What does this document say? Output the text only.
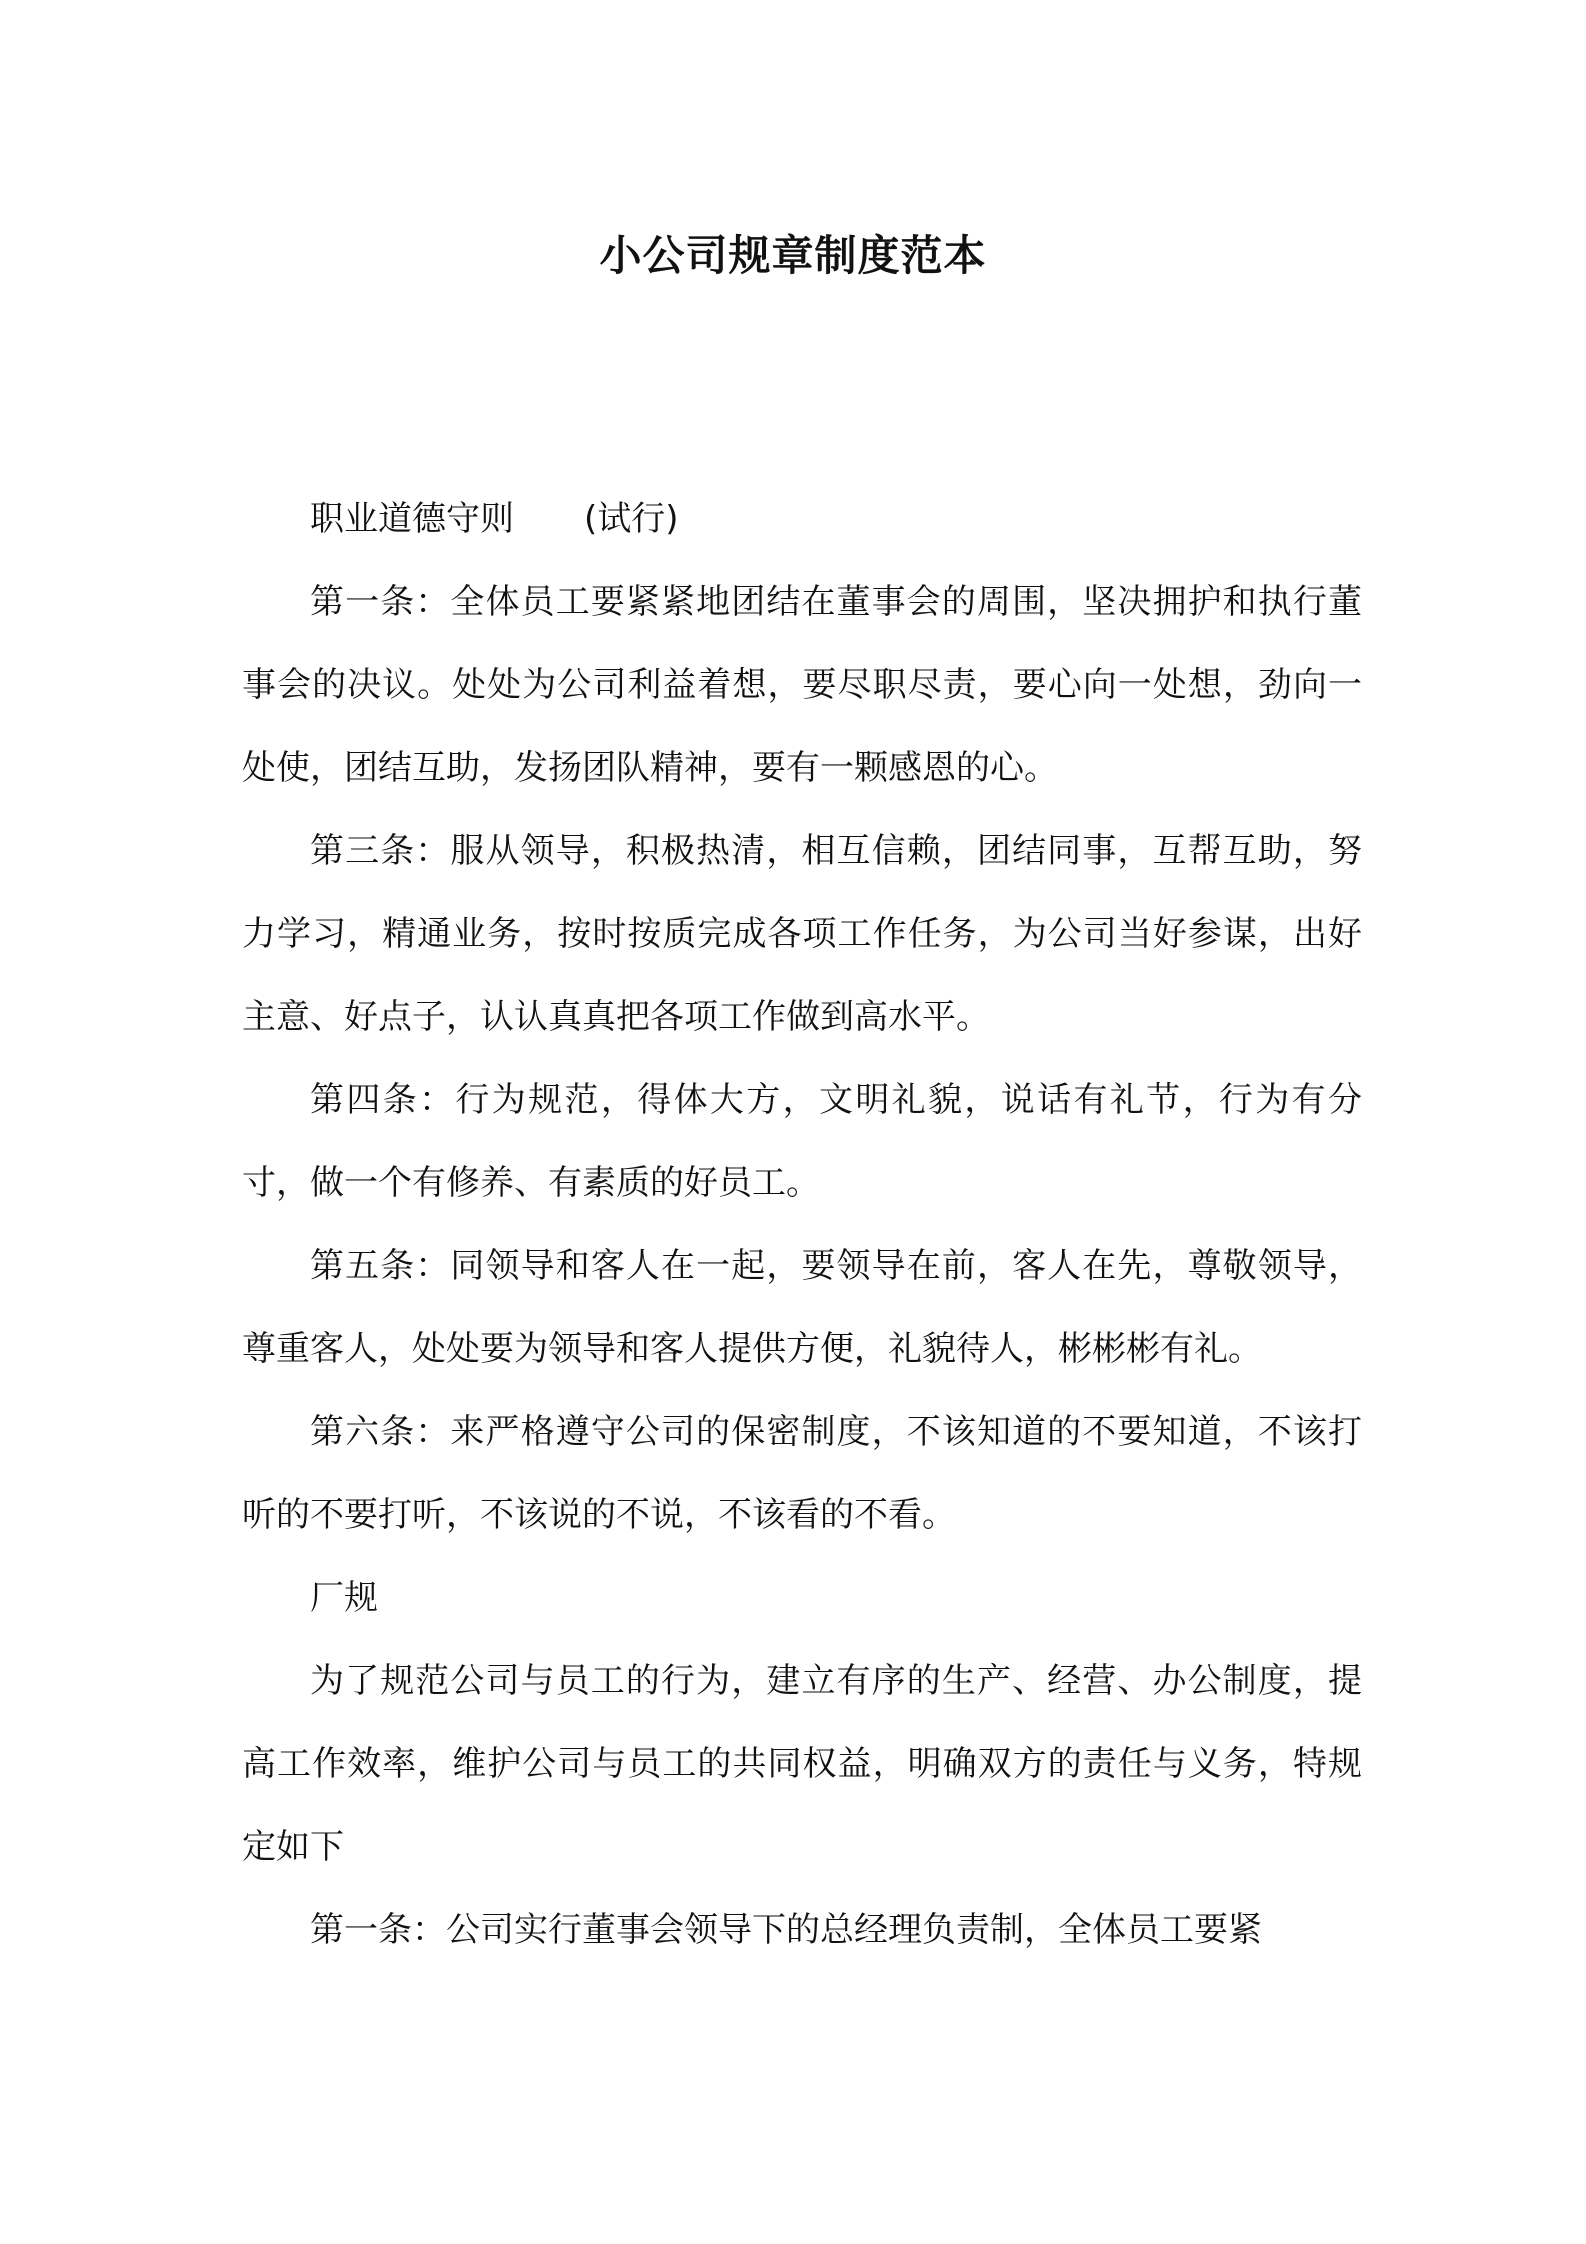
小公司规章制度范本

职业道德守则 (试行)

第一条：全体员工要紧紧地团结在董事会的周围，坚决拥护和执行董事会的决议。处处为公司利益着想，要尽职尽责，要心向一处想，劲向一处使，团结互助，发扬团队精神，要有一颗感恩的心。

第三条：服从领导，积极热清，相互信赖，团结同事，互帮互助，努力学习，精通业务，按时按质完成各项工作任务，为公司当好参谋，出好主意、好点子，认认真真把各项工作做到高水平。

第四条：行为规范，得体大方，文明礼貌，说话有礼节，行为有分寸，做一个有修养、有素质的好员工。

第五条：同领导和客人在一起，要领导在前，客人在先，尊敬领导，尊重客人，处处要为领导和客人提供方便，礼貌待人，彬彬彬有礼。

第六条：来严格遵守公司的保密制度，不该知道的不要知道，不该打听的不要打听，不该说的不说，不该看的不看。

厂规

为了规范公司与员工的行为，建立有序的生产、经营、办公制度，提高工作效率，维护公司与员工的共同权益，明确双方的责任与义务，特规定如下

第一条：公司实行董事会领导下的总经理负责制，全体员工要紧
